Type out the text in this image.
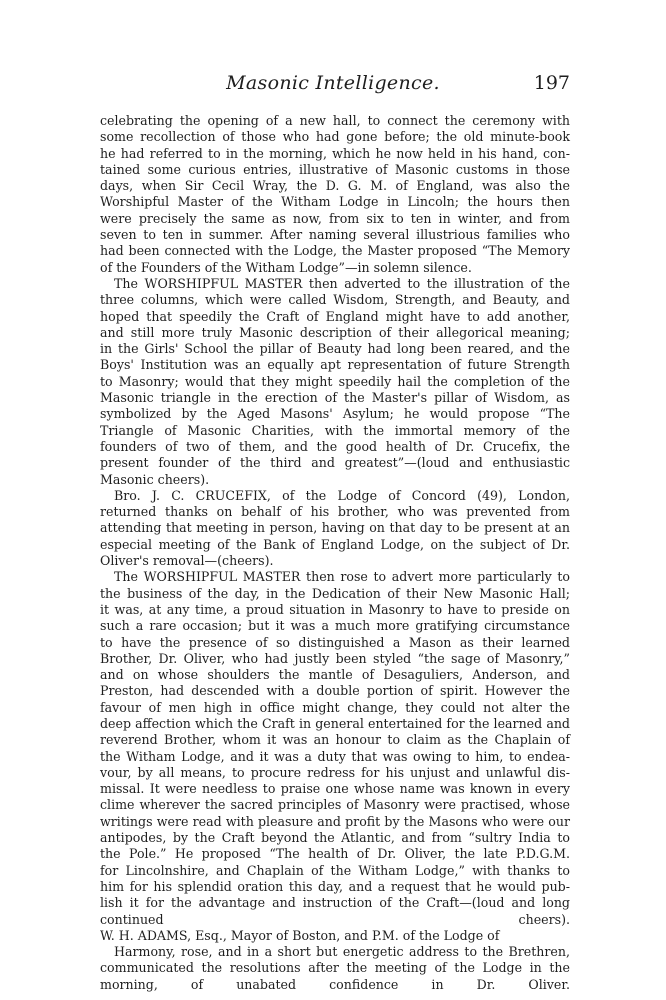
Masonic Intelligence.	197
celebrating the opening of a new hall, to connect the ceremony with
some recollection of those who had gone before; the old minute-book
he had referred to in the morning, which he now held in his hand, con-
tained some curious entries, illustrative of Masonic customs in those
days, when Sir Cecil Wray, the D. G. M. of England, was also the
Worshipful Master of the Witham Lodge in Lincoln; the hours then
were precisely the same as now, from six to ten in winter, and from
seven to ten in summer. After naming several illustrious families who
had been connected with the Lodge, the Master proposed “The Memory
of the Founders of the Witham Lodge”—in solemn silence.
The WORSHIPFUL MASTER then adverted to the illustration of the
three columns, which were called Wisdom, Strength, and Beauty, and
hoped that speedily the Craft of England might have to add another,
and still more truly Masonic description of their allegorical meaning;
in the Girls' School the pillar of Beauty had long been reared, and the
Boys' Institution was an equally apt representation of future Strength
to Masonry; would that they might speedily hail the completion of the
Masonic triangle in the erection of the Master's pillar of Wisdom, as
symbolized by the Aged Masons' Asylum; he would propose “The
Triangle of Masonic Charities, with the immortal memory of the
founders of two of them, and the good health of Dr. Crucefix, the
present founder of the third and greatest”—(loud and enthusiastic
Masonic cheers).
Bro. J. C. CRUCEFIX, of the Lodge of Concord (49), London,
returned thanks on behalf of his brother, who was prevented from
attending that meeting in person, having on that day to be present at an
especial meeting of the Bank of England Lodge, on the subject of Dr.
Oliver's removal—(cheers).
The WORSHIPFUL MASTER then rose to advert more particularly to
the business of the day, in the Dedication of their New Masonic Hall;
it was, at any time, a proud situation in Masonry to have to preside on
such a rare occasion; but it was a much more gratifying circumstance
to have the presence of so distinguished a Mason as their learned
Brother, Dr. Oliver, who had justly been styled “the sage of Masonry,”
and on whose shoulders the mantle of Desaguliers, Anderson, and
Preston, had descended with a double portion of spirit. However the
favour of men high in office might change, they could not alter the
deep affection which the Craft in general entertained for the learned and
reverend Brother, whom it was an honour to claim as the Chaplain of
the Witham Lodge, and it was a duty that was owing to him, to endea-
vour, by all means, to procure redress for his unjust and unlawful dis-
missal. It were needless to praise one whose name was known in every
clime wherever the sacred principles of Masonry were practised, whose
writings were read with pleasure and profit by the Masons who were our
antipodes, by the Craft beyond the Atlantic, and from “sultry India to
the Pole.” He proposed “The health of Dr. Oliver, the late P.D.G.M.
for Lincolnshire, and Chaplain of the Witham Lodge,” with thanks to
him for his splendid oration this day, and a request that he would pub-
lish it for the advantage and instruction of the Craft—(loud and long
continued cheers).
W. H. ADAMS, Esq., Mayor of Boston, and P.M. of the Lodge of
Harmony, rose, and in a short but energetic address to the Brethren,
communicated the resolutions after the meeting of the Lodge in the
morning, of unabated confidence in Dr. Oliver.
